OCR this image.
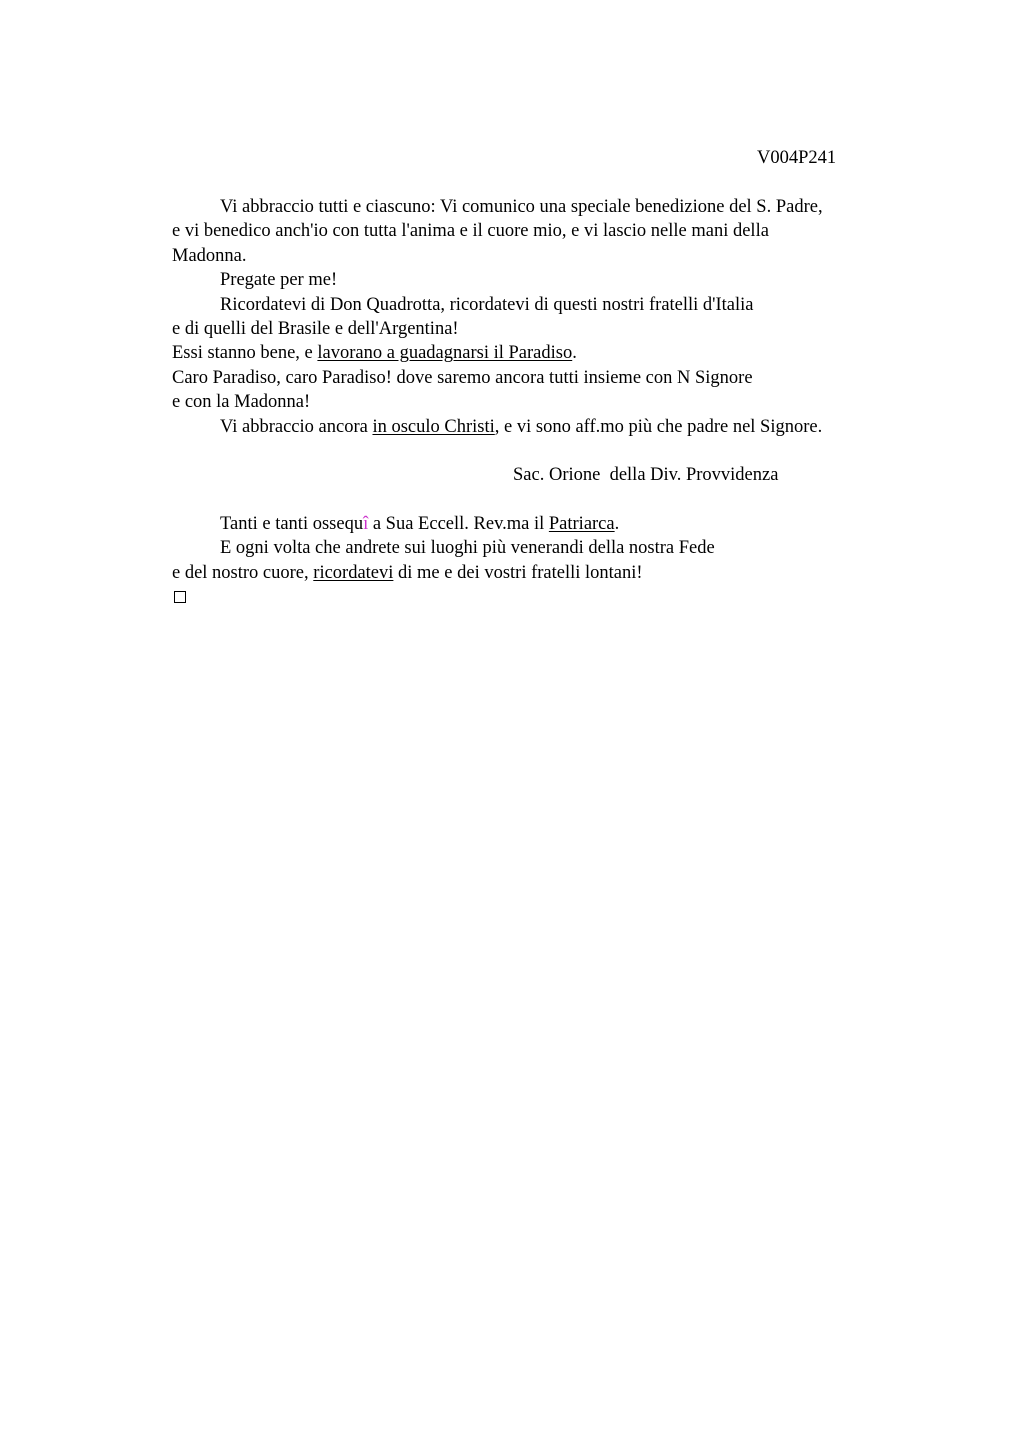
V004P241
Vi abbraccio tutti e ciascuno: Vi comunico una speciale benedizione del S. Padre,
e vi benedico anch'io con tutta l'anima e il cuore mio, e vi lascio nelle mani della
Madonna.
Pregate per me!
Ricordatevi di Don Quadrotta, ricordatevi di questi nostri fratelli d'Italia
e di quelli del Brasile e dell'Argentina!
Essi stanno bene, e lavorano a guadagnarsi il Paradiso.
Caro Paradiso, caro Paradiso! dove saremo ancora tutti insieme con N Signore
e con la Madonna!
Vi abbraccio ancora in osculo Christi, e vi sono aff.mo più che padre nel Signore.
Sac. Orione  della Div. Provvidenza
Tanti e tanti ossequî a Sua Eccell. Rev.ma il Patriarca.
E ogni volta che andrete sui luoghi più venerandi della nostra Fede
e del nostro cuore, ricordatevi di me e dei vostri fratelli lontani!
